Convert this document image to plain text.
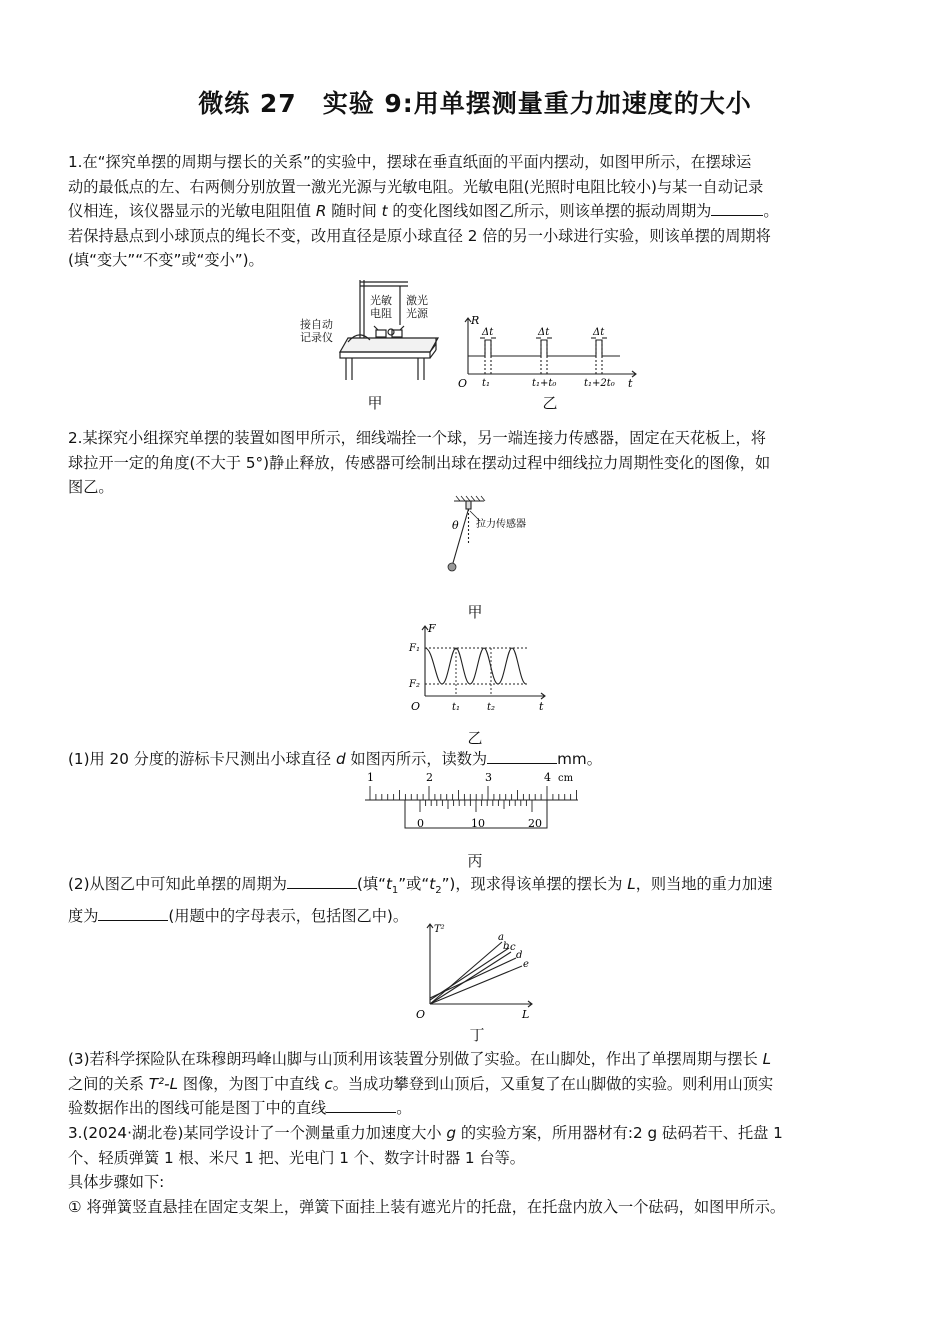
微练 27　实验 9:用单摆测量重力加速度的大小
1.在“探究单摆的周期与摆长的关系”的实验中，摆球在垂直纸面的平面内摆动，如图甲所示，在摆球运
动的最低点的左、右两侧分别放置一激光光源与光敏电阻。光敏电阻(光照时电阻比较小)与某一自动记录
仪相连，该仪器显示的光敏电阻阻值 R 随时间 t 的变化图线如图乙所示，则该单摆的振动周期为	。
若保持悬点到小球顶点的绳长不变，改用直径是原小球直径 2 倍的另一小球进行实验，则该单摆的周期将
(填“变大”“不变”或“变小”)。
接自动
记录仪
光敏
电阻
激光
光源
甲
R
t
O
Δt	Δt	Δt
t₁	t₁+t₀	t₁+2t₀
乙
2.某探究小组探究单摆的装置如图甲所示，细线端拴一个球，另一端连接力传感器，固定在天花板上，将
球拉开一定的角度(不大于 5°)静止释放，传感器可绘制出球在摆动过程中细线拉力周期性变化的图像，如
图乙。
θ 拉力传感器
甲
F
t
O
F₁
F₂
t₁	t₂
乙
(1)用 20 分度的游标卡尺测出小球直径 d 如图丙所示，读数为	mm。
1	2	3	4 cm
0	10	20
丙
(2)从图乙中可知此单摆的周期为	(填“$t_1$”或“$t_2$”)，现求得该单摆的摆长为 L，则当地的重力加速
度为	(用题中的字母表示，包括图乙中)。
T²
L
O
a
b c
d
e
丁
(3)若科学探险队在珠穆朗玛峰山脚与山顶利用该装置分别做了实验。在山脚处，作出了单摆周期与摆长 L
之间的关系 T²-L 图像，为图丁中直线 c。当成功攀登到山顶后，又重复了在山脚做的实验。则利用山顶实
验数据作出的图线可能是图丁中的直线	。
3.(2024·湖北卷)某同学设计了一个测量重力加速度大小 g 的实验方案，所用器材有:2 g 砝码若干、托盘 1
个、轻质弹簧 1 根、米尺 1 把、光电门 1 个、数字计时器 1 台等。
具体步骤如下:
① 将弹簧竖直悬挂在固定支架上，弹簧下面挂上装有遮光片的托盘，在托盘内放入一个砝码，如图甲所示。
